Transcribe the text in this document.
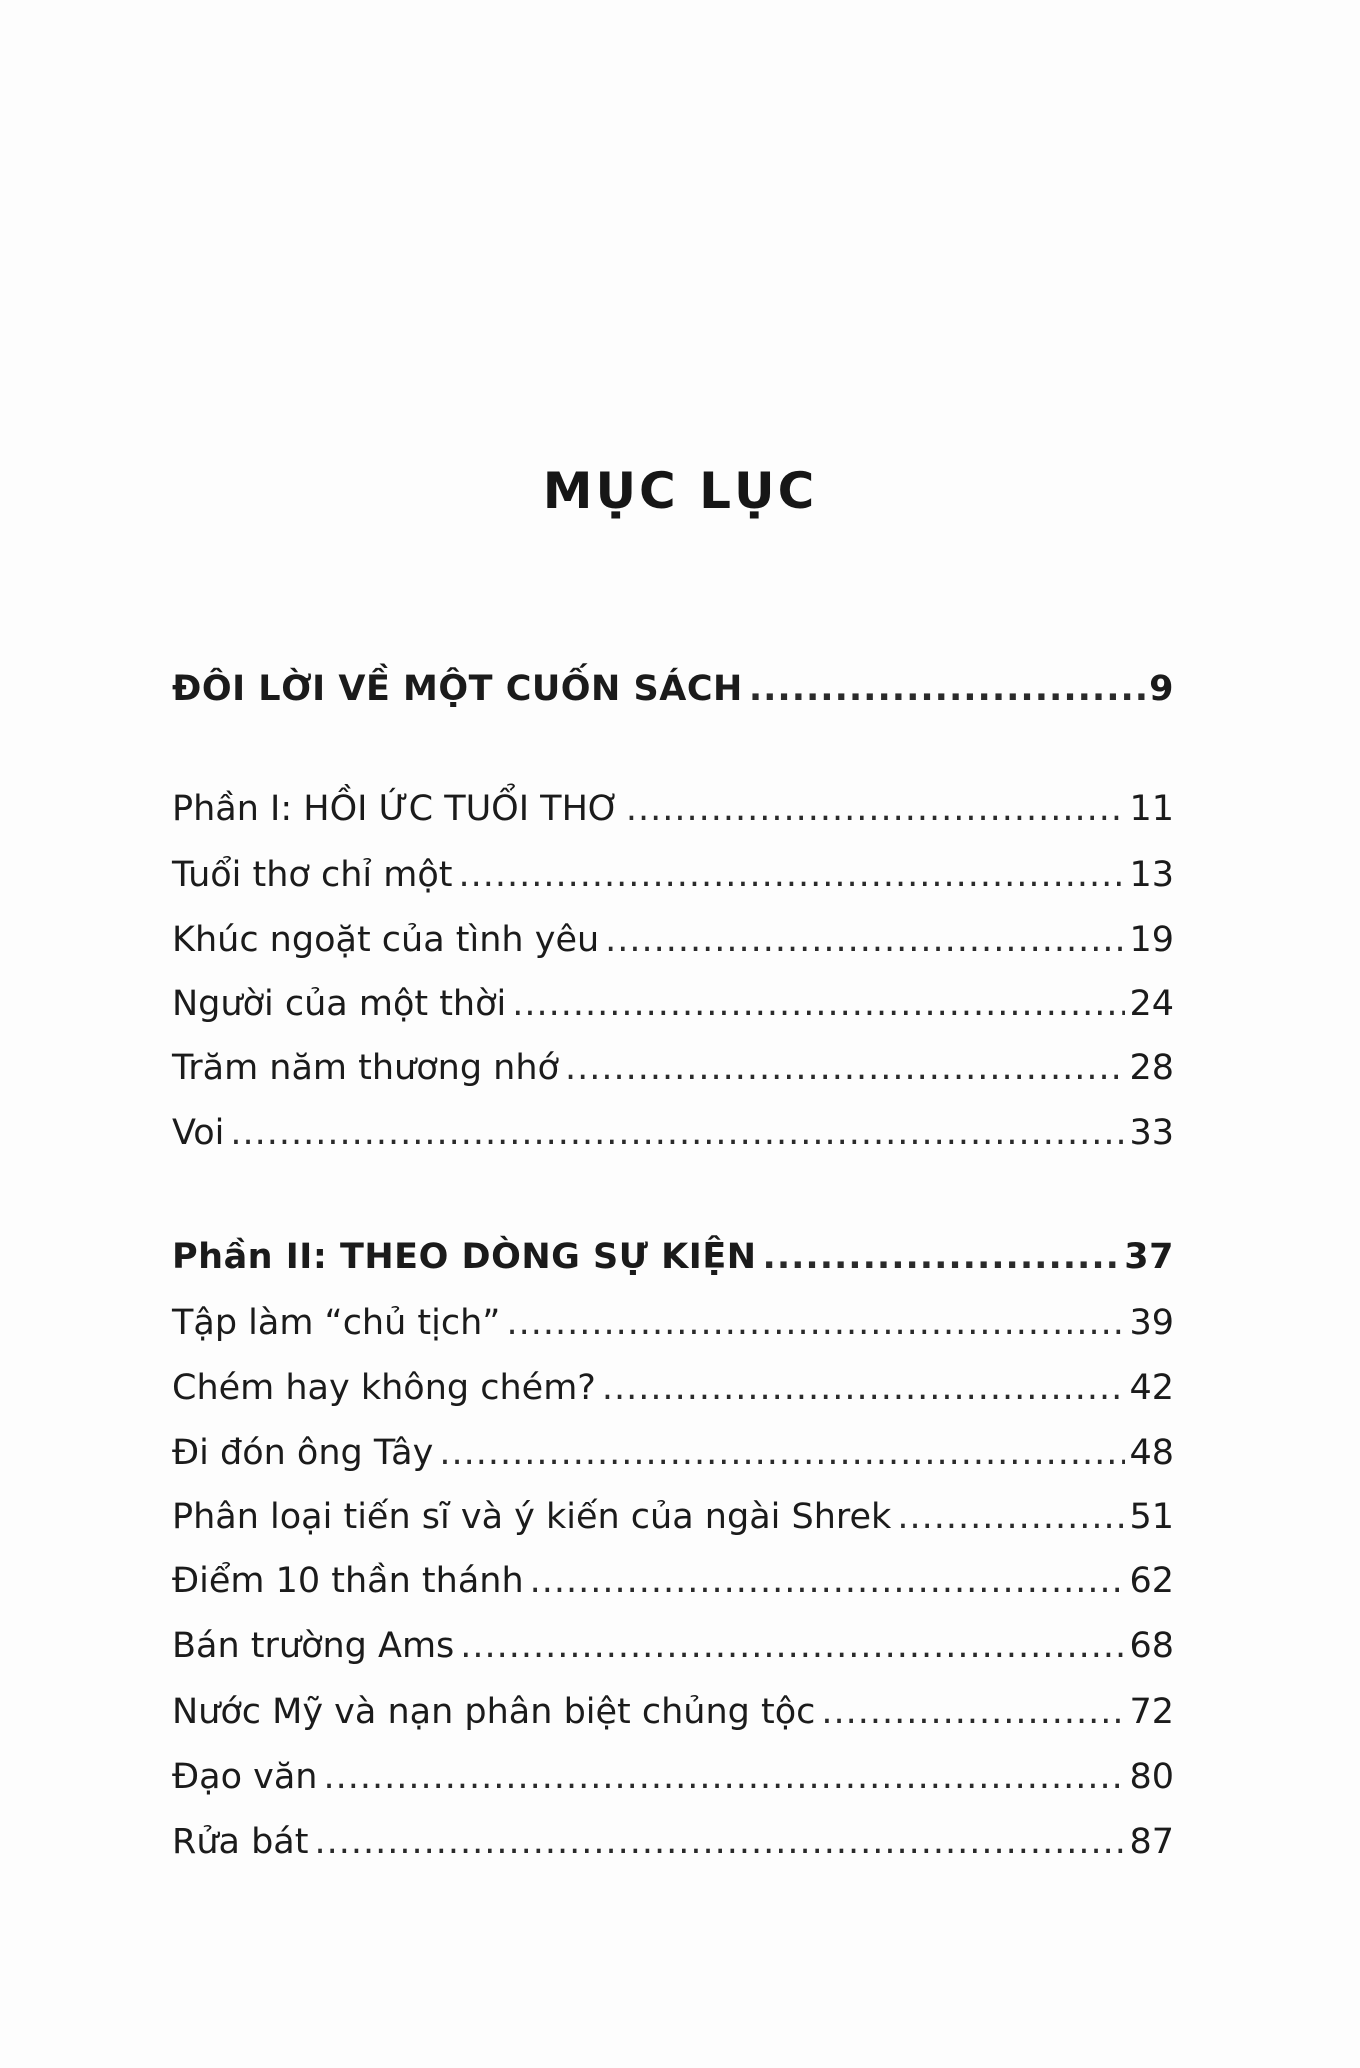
MỤC LỤC
ĐÔI LỜI VỀ MỘT CUỐN SÁCH .....	9
Phần I: HỒI ỨC TUỔI THƠ .....	11
Tuổi thơ chỉ một .....	13
Khúc ngoặt của tình yêu .....	19
Người của một thời .....	24
Trăm năm thương nhớ .....	28
Voi .....	33
Phần II: THEO DÒNG SỰ KIỆN .....	37
Tập làm “chủ tịch” .....	39
Chém hay không chém? .....	42
Đi đón ông Tây .....	48
Phân loại tiến sĩ và ý kiến của ngài Shrek .....	51
Điểm 10 thần thánh .....	62
Bán trường Ams .....	68
Nước Mỹ và nạn phân biệt chủng tộc .....	72
Đạo văn .....	80
Rửa bát .....	87
